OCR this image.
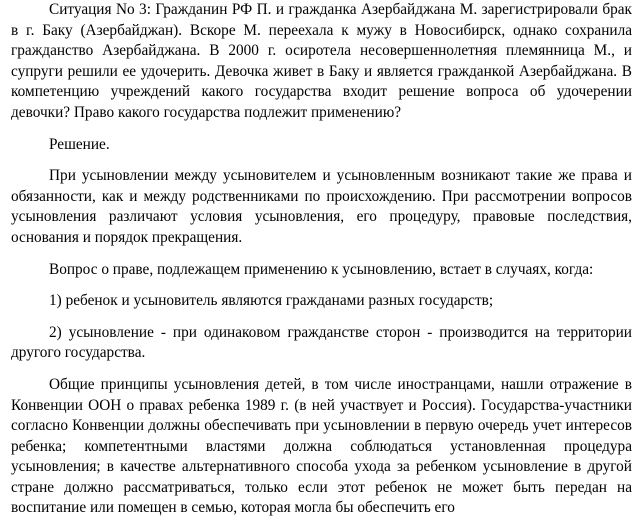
Ситуация No 3: Гражданин РФ П. и гражданка Азербайджана М. зарегистрировали брак в г. Баку (Азербайджан). Вскоре М. переехала к мужу в Новосибирск, однако сохранила гражданство Азербайджана. В 2000 г. осиротела несовершеннолетняя племянница М., и супруги решили ее удочерить. Девочка живет в Баку и является гражданкой Азербайджана. В компетенцию учреждений какого государства входит решение вопроса об удочерении девочки? Право какого государства подлежит применению?

Решение.

При усыновлении между усыновителем и усыновленным возникают такие же права и обязанности, как и между родственниками по происхождению. При рассмотрении вопросов усыновления различают условия усыновления, его процедуру, правовые последствия, основания и порядок прекращения.

Вопрос о праве, подлежащем применению к усыновлению, встает в случаях, когда:

1) ребенок и усыновитель являются гражданами разных государств;

2) усыновление - при одинаковом гражданстве сторон - производится на территории другого государства.

Общие принципы усыновления детей, в том числе иностранцами, нашли отражение в Конвенции ООН о правах ребенка 1989 г. (в ней участвует и Россия). Государства-участники согласно Конвенции должны обеспечивать при усыновлении в первую очередь учет интересов ребенка; компетентными властями должна соблюдаться установленная процедура усыновления; в качестве альтернативного способа ухода за ребенком усыновление в другой стране должно рассматриваться, только если этот ребенок не может быть передан на воспитание или помещен в семью, которая могла бы обеспечить его
